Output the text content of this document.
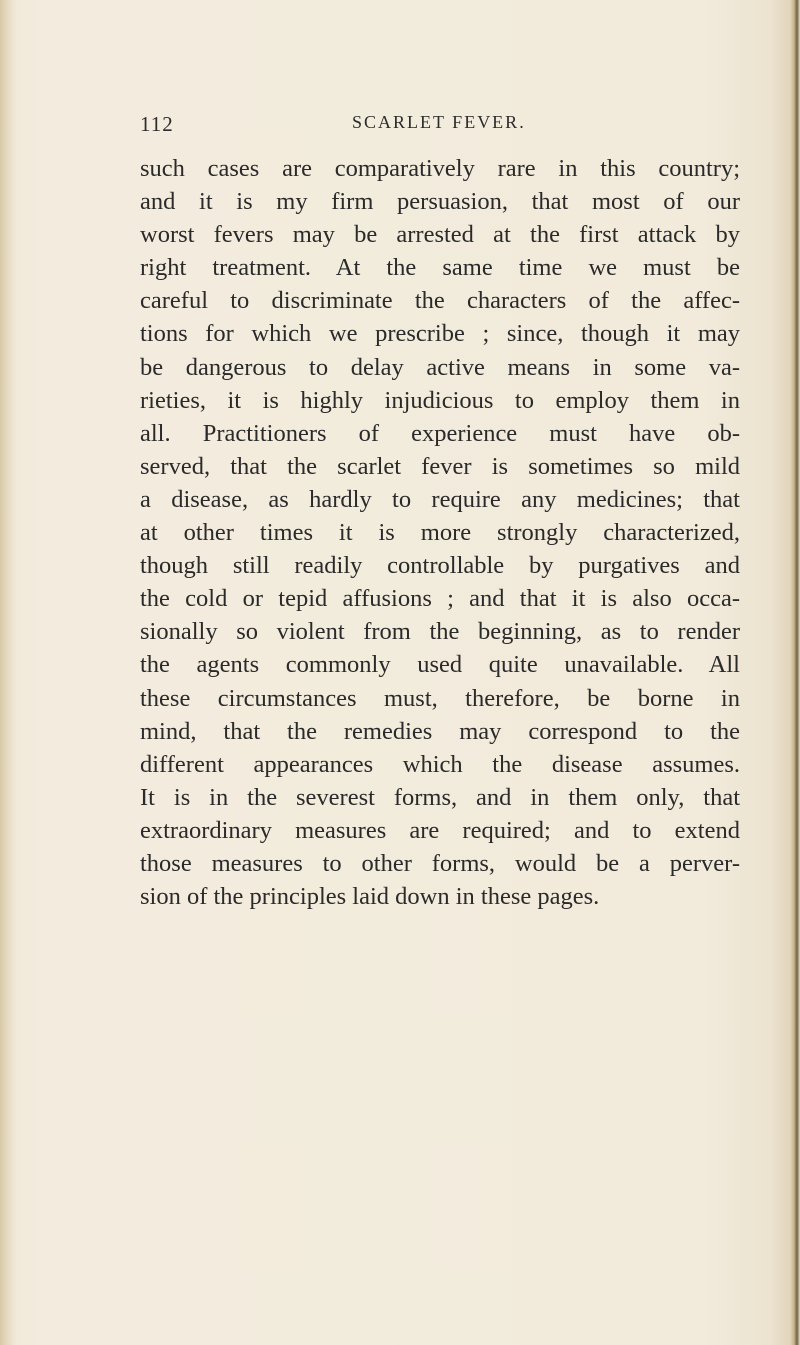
112	SCARLET FEVER.
such cases are comparatively rare in this country;
and it is my firm persuasion, that most of our
worst fevers may be arrested at the first attack by
right treatment. At the same time we must be
careful to discriminate the characters of the affec-
tions for which we prescribe ; since, though it may
be dangerous to delay active means in some va-
rieties, it is highly injudicious to employ them in
all. Practitioners of experience must have ob-
served, that the scarlet fever is sometimes so mild
a disease, as hardly to require any medicines; that
at other times it is more strongly characterized,
though still readily controllable by purgatives and
the cold or tepid affusions ; and that it is also occa-
sionally so violent from the beginning, as to render
the agents commonly used quite unavailable. All
these circumstances must, therefore, be borne in
mind, that the remedies may correspond to the
different appearances which the disease assumes.
It is in the severest forms, and in them only, that
extraordinary measures are required; and to extend
those measures to other forms, would be a perver-
sion of the principles laid down in these pages.
